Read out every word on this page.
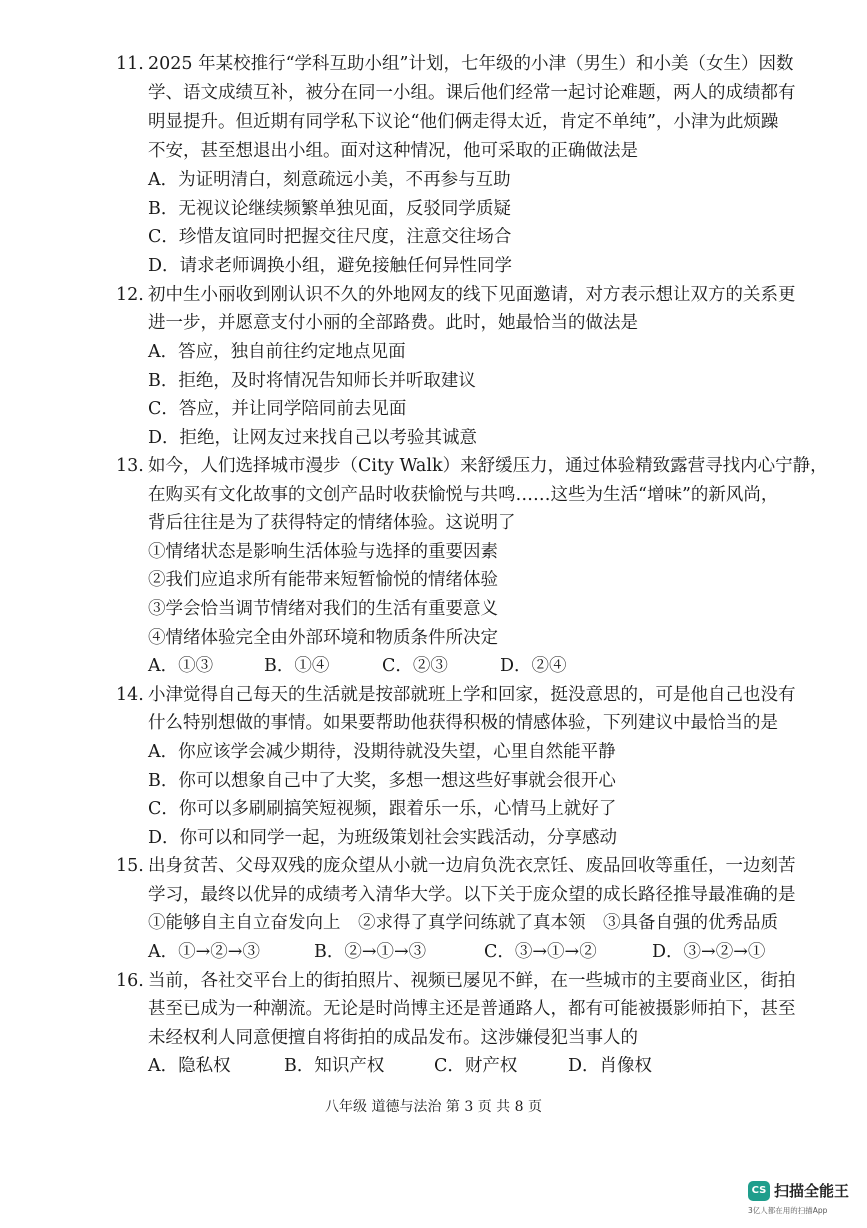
11. 2025 年某校推行“学科互助小组”计划，七年级的小津（男生）和小美（女生）因数
学、语文成绩互补，被分在同一小组。课后他们经常一起讨论难题，两人的成绩都有
明显提升。但近期有同学私下议论“他们俩走得太近，肯定不单纯”，小津为此烦躁
不安，甚至想退出小组。面对这种情况，他可采取的正确做法是
A．为证明清白，刻意疏远小美，不再参与互助
B．无视议论继续频繁单独见面，反驳同学质疑
C．珍惜友谊同时把握交往尺度，注意交往场合
D．请求老师调换小组，避免接触任何异性同学
12. 初中生小丽收到刚认识不久的外地网友的线下见面邀请，对方表示想让双方的关系更
进一步，并愿意支付小丽的全部路费。此时，她最恰当的做法是
A．答应，独自前往约定地点见面
B．拒绝，及时将情况告知师长并听取建议
C．答应，并让同学陪同前去见面
D．拒绝，让网友过来找自己以考验其诚意
13. 如今，人们选择城市漫步（City Walk）来舒缓压力，通过体验精致露营寻找内心宁静，
在购买有文化故事的文创产品时收获愉悦与共鸣……这些为生活“增味”的新风尚，
背后往往是为了获得特定的情绪体验。这说明了
①情绪状态是影响生活体验与选择的重要因素
②我们应追求所有能带来短暂愉悦的情绪体验
③学会恰当调节情绪对我们的生活有重要意义
④情绪体验完全由外部环境和物质条件所决定
A．①③	B．①④	C．②③	D．②④
14. 小津觉得自己每天的生活就是按部就班上学和回家，挺没意思的，可是他自己也没有
什么特别想做的事情。如果要帮助他获得积极的情感体验，下列建议中最恰当的是
A．你应该学会减少期待，没期待就没失望，心里自然能平静
B．你可以想象自己中了大奖，多想一想这些好事就会很开心
C．你可以多刷刷搞笑短视频，跟着乐一乐，心情马上就好了
D．你可以和同学一起，为班级策划社会实践活动，分享感动
15. 出身贫苦、父母双残的庞众望从小就一边肩负洗衣烹饪、废品回收等重任，一边刻苦
学习，最终以优异的成绩考入清华大学。以下关于庞众望的成长路径推导最准确的是
①能够自主自立奋发向上　②求得了真学问练就了真本领　③具备自强的优秀品质
A．①→②→③	B．②→①→③	C．③→①→②	D．③→②→①
16. 当前，各社交平台上的街拍照片、视频已屡见不鲜，在一些城市的主要商业区，街拍
甚至已成为一种潮流。无论是时尚博主还是普通路人，都有可能被摄影师拍下，甚至
未经权利人同意便擅自将街拍的成品发布。这涉嫌侵犯当事人的
A．隐私权	B．知识产权	C．财产权	D．肖像权
八年级 道德与法治 第 3 页 共 8 页
CS 扫描全能王
3亿人都在用的扫描App
